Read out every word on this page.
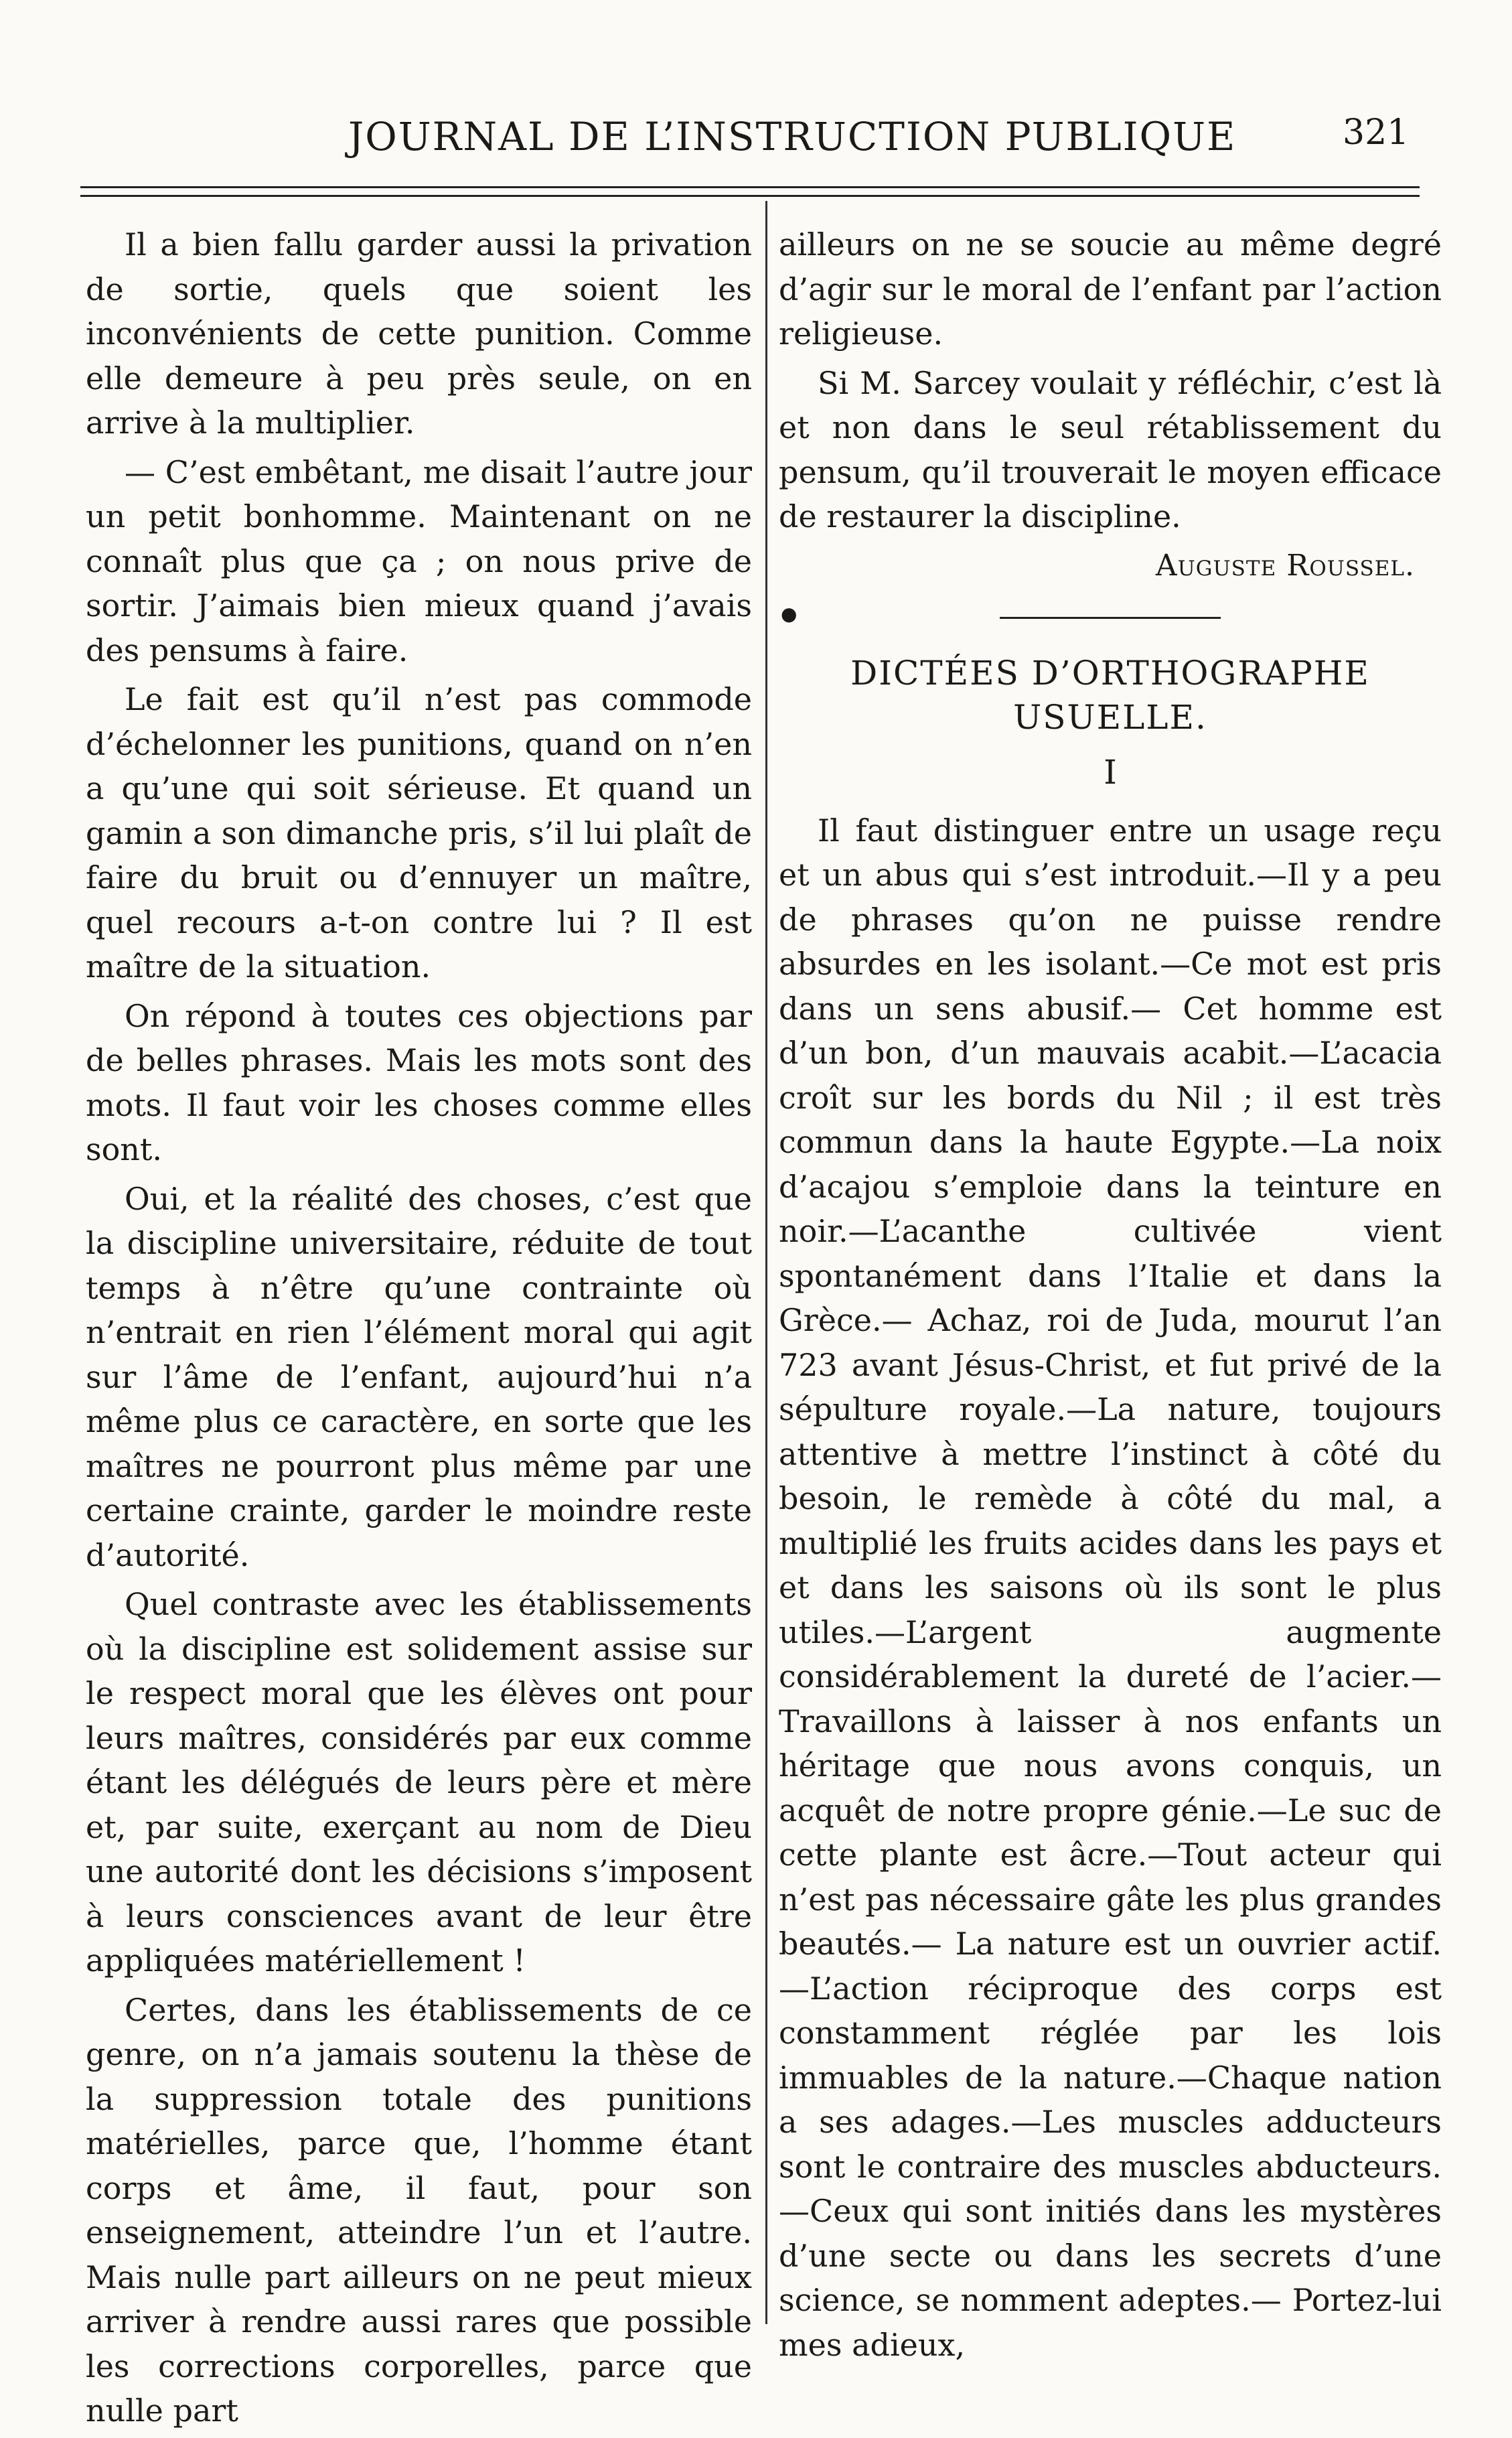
JOURNAL DE L’INSTRUCTION PUBLIQUE	321

Il a bien fallu garder aussi la privation de sortie, quels que soient les inconvénients de cette punition. Comme elle demeure à peu près seule, on en arrive à la multiplier.

— C’est embêtant, me disait l’autre jour un petit bonhomme. Maintenant on ne connaît plus que ça ; on nous prive de sortir. J’aimais bien mieux quand j’avais des pensums à faire.

Le fait est qu’il n’est pas commode d’échelonner les punitions, quand on n’en a qu’une qui soit sérieuse. Et quand un gamin a son dimanche pris, s’il lui plaît de faire du bruit ou d’ennuyer un maître, quel recours a-t-on contre lui ? Il est maître de la situation.

On répond à toutes ces objections par de belles phrases. Mais les mots sont des mots. Il faut voir les choses comme elles sont.

Oui, et la réalité des choses, c’est que la discipline universitaire, réduite de tout temps à n’être qu’une contrainte où n’entrait en rien l’élément moral qui agit sur l’âme de l’enfant, aujourd’hui n’a même plus ce caractère, en sorte que les maîtres ne pourront plus même par une certaine crainte, garder le moindre reste d’autorité.

Quel contraste avec les établissements où la discipline est solidement assise sur le respect moral que les élèves ont pour leurs maîtres, considérés par eux comme étant les délégués de leurs père et mère et, par suite, exerçant au nom de Dieu une autorité dont les décisions s’imposent à leurs consciences avant de leur être appliquées matériellement !

Certes, dans les établissements de ce genre, on n’a jamais soutenu la thèse de la suppression totale des punitions matérielles, parce que, l’homme étant corps et âme, il faut, pour son enseignement, atteindre l’un et l’autre. Mais nulle part ailleurs on ne peut mieux arriver à rendre aussi rares que possible les corrections corporelles, parce que nulle part

ailleurs on ne se soucie au même degré d’agir sur le moral de l’enfant par l’action religieuse.

Si M. Sarcey voulait y réfléchir, c’est là et non dans le seul rétablissement du pensum, qu’il trouverait le moyen efficace de restaurer la discipline.

Auguste Roussel.
DICTÉES D’ORTHOGRAPHE
USUELLE.
I

Il faut distinguer entre un usage reçu et un abus qui s’est introduit.—Il y a peu de phrases qu’on ne puisse rendre absurdes en les isolant.—Ce mot est pris dans un sens abusif.— Cet homme est d’un bon, d’un mauvais acabit.—L’acacia croît sur les bords du Nil ; il est très commun dans la haute Egypte.—La noix d’acajou s’emploie dans la teinture en noir.—L’acanthe cultivée vient spontanément dans l’Italie et dans la Grèce.— Achaz, roi de Juda, mourut l’an 723 avant Jésus-Christ, et fut privé de la sépulture royale.—La nature, toujours attentive à mettre l’instinct à côté du besoin, le remède à côté du mal, a multiplié les fruits acides dans les pays et et dans les saisons où ils sont le plus utiles.—L’argent augmente considérablement la dureté de l’acier.—Travaillons à laisser à nos enfants un héritage que nous avons conquis, un acquêt de notre propre génie.—Le suc de cette plante est âcre.—Tout acteur qui n’est pas nécessaire gâte les plus grandes beautés.— La nature est un ouvrier actif.—L’action réciproque des corps est constamment réglée par les lois immuables de la nature.—Chaque nation a ses adages.—Les muscles adducteurs sont le contraire des muscles abducteurs.—Ceux qui sont initiés dans les mystères d’une secte ou dans les secrets d’une science, se nomment adeptes.— Portez-lui mes adieux,

●
